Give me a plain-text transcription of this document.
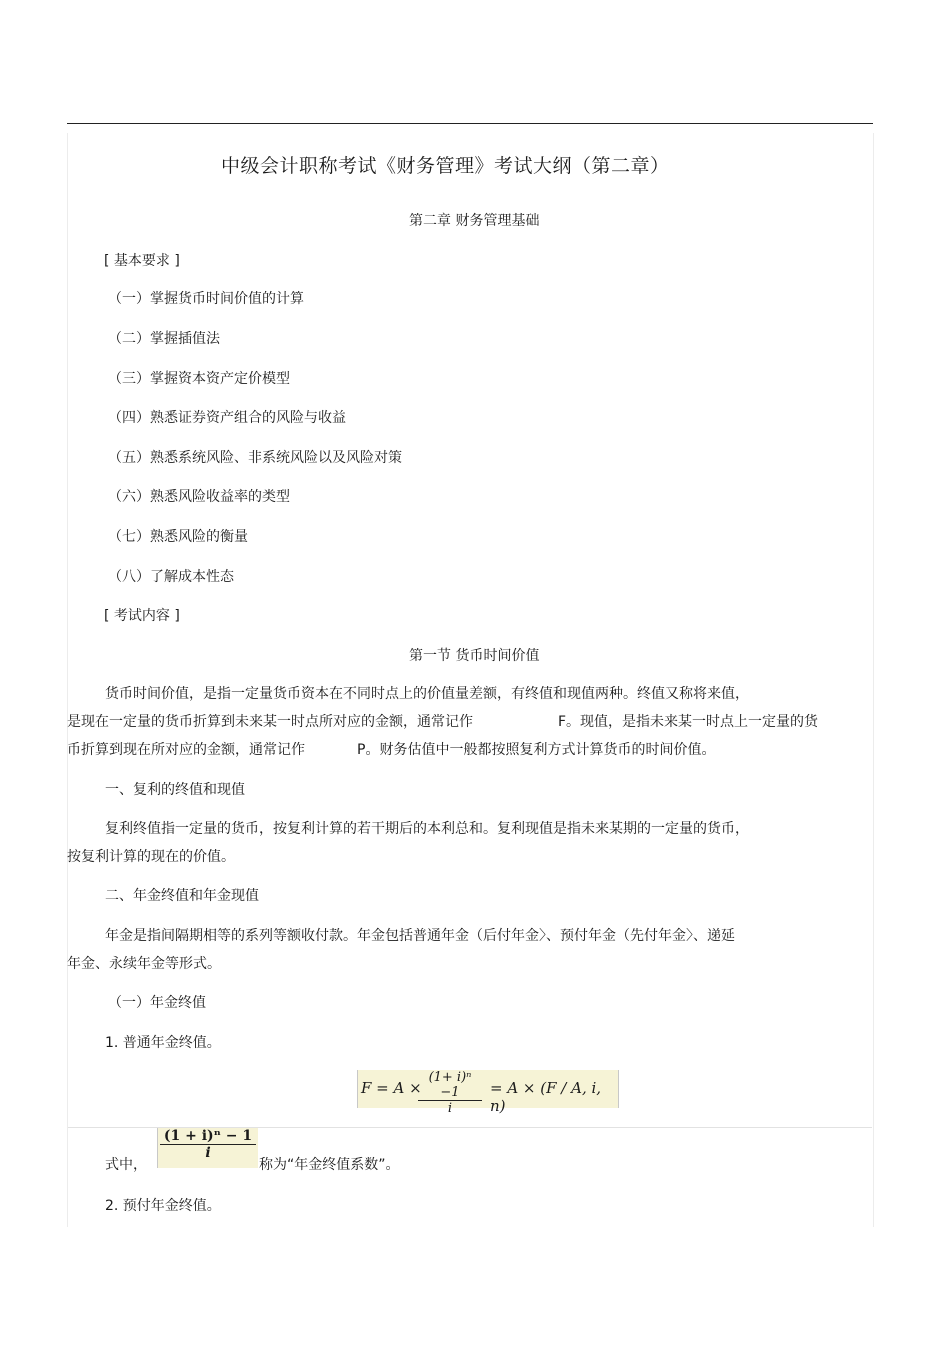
中级会计职称考试《财务管理》考试大纲（第二章）
第二章 财务管理基础
[ 基本要求 ]
（一）掌握货币时间价值的计算
（二）掌握插值法
（三）掌握资本资产定价模型
（四）熟悉证券资产组合的风险与收益
（五）熟悉系统风险、非系统风险以及风险对策
（六）熟悉风险收益率的类型
（七）熟悉风险的衡量
（八）了解成本性态
[ 考试内容 ]
第一节 货币时间价值
货币时间价值，是指一定量货币资本在不同时点上的价值量差额，有终值和现值两种。终值又称将来值，
是现在一定量的货币折算到未来某一时点所对应的金额，通常记作	F。现值，是指未来某一时点上一定量的货
币折算到现在所对应的金额，通常记作	P。财务估值中一般都按照复利方式计算货币的时间价值。
一、复利的终值和现值
复利终值指一定量的货币，按复利计算的若干期后的本利总和。复利现值是指未来某期的一定量的货币，
按复利计算的现在的价值。
二、年金终值和年金现值
年金是指间隔期相等的系列等额收付款。年金包括普通年金（后付年金〉、预付年金（先付年金〉、递延
年金、永续年金等形式。
（一）年金终值
1. 普通年金终值。
F = A ×
$\frac{\text{(1+ i)ⁿ −1}}{i} = A \times (F / A$, i, n)
式中，
$\frac{\text{(1 + i)ⁿ − 1}}{i}$
称为“年金终值系数”。
2. 预付年金终值。
